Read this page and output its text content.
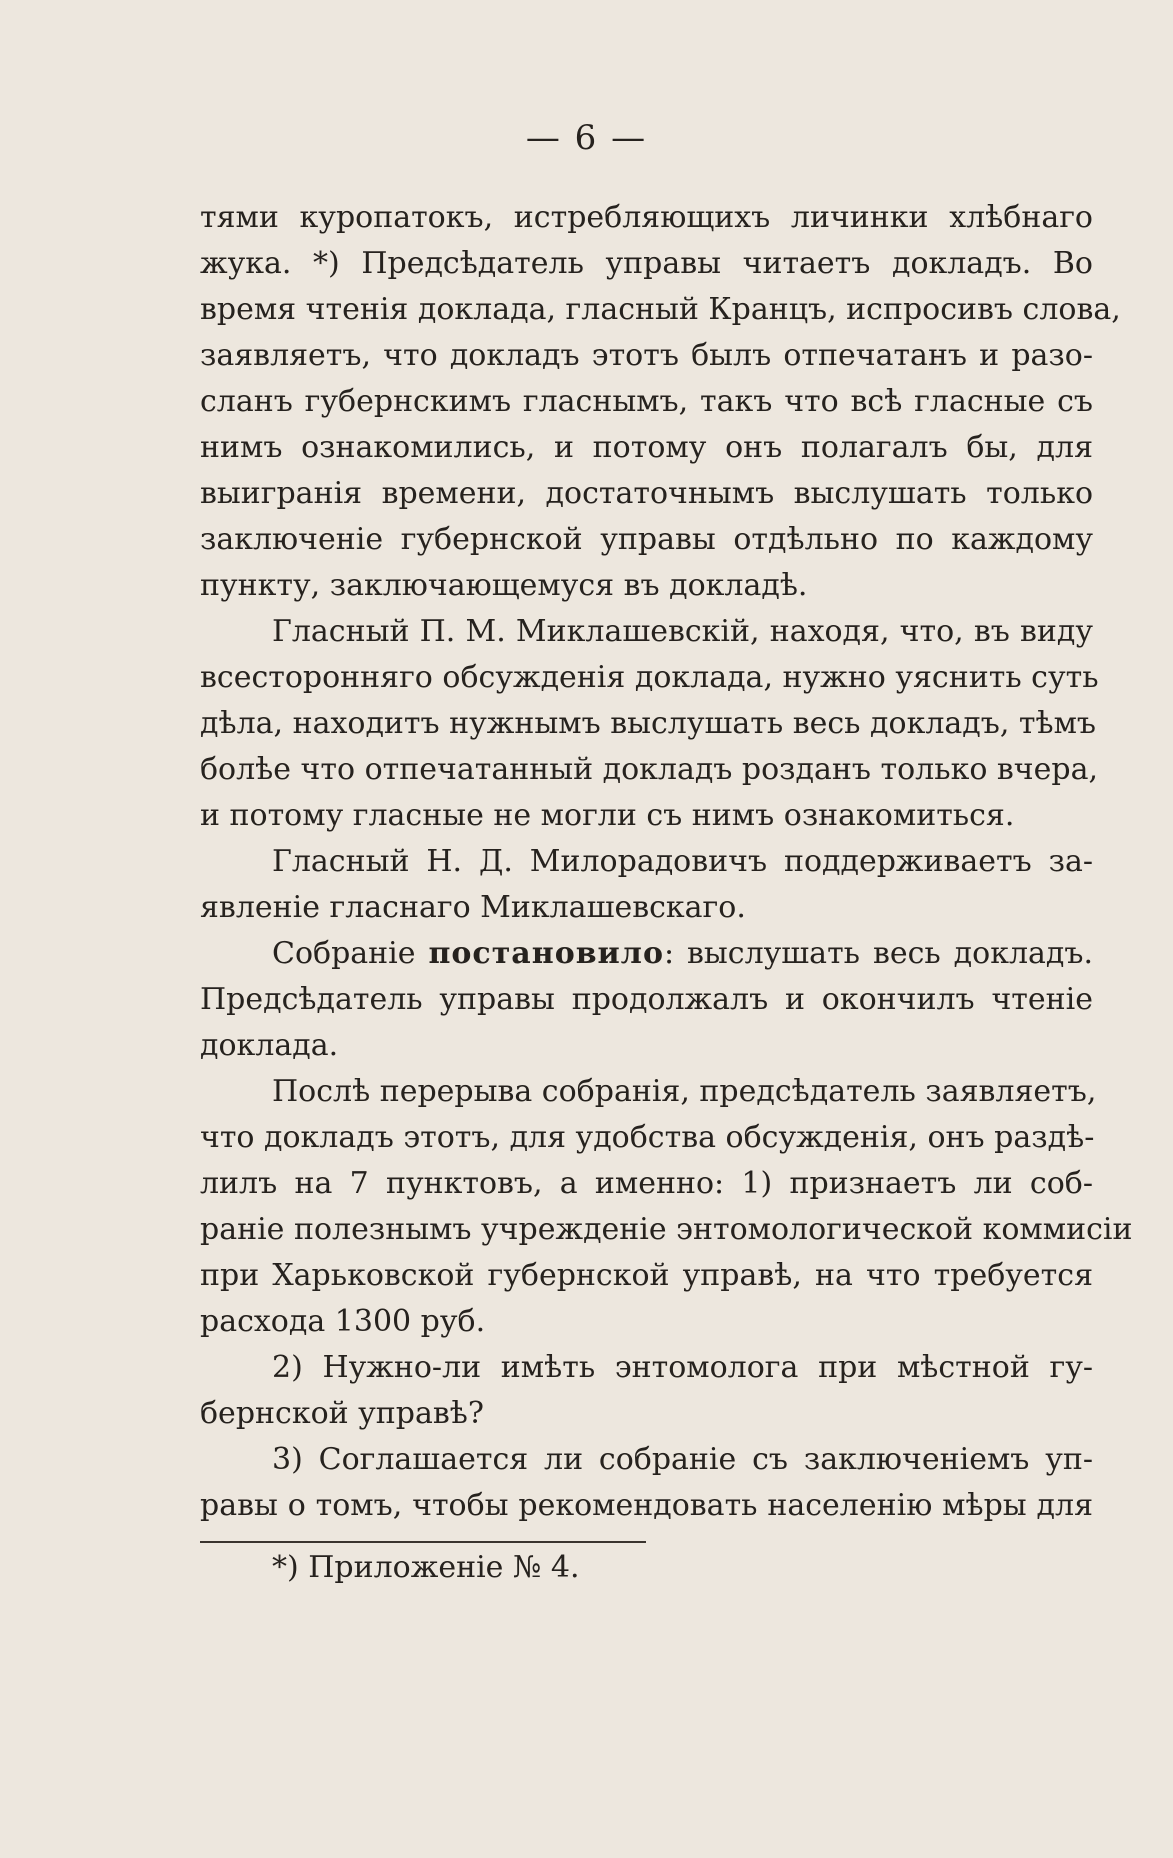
— 6 —
тями куропатокъ, истребляющихъ личинки хлѣбнаго
жука. *) Предсѣдатель управы читаетъ докладъ. Во
время чтенія доклада, гласный Кранцъ, испросивъ слова,
заявляетъ, что докладъ этотъ былъ отпечатанъ и разо-
сланъ губернскимъ гласнымъ, такъ что всѣ гласные съ
нимъ ознакомились, и потому онъ полагалъ бы, для
выигранія времени, достаточнымъ выслушать только
заключеніе губернской управы отдѣльно по каждому
пункту, заключающемуся въ докладѣ.
Гласный П. М. Миклашевскій, находя, что, въ виду
всесторонняго обсужденія доклада, нужно уяснить суть
дѣла, находитъ нужнымъ выслушать весь докладъ, тѣмъ
болѣе что отпечатанный докладъ розданъ только вчера,
и потому гласные не могли съ нимъ ознакомиться.
Гласный Н. Д. Милорадовичъ поддерживаетъ за-
явленіе гласнаго Миклашевскаго.
Собраніе постановило: выслушать весь докладъ.
Предсѣдатель управы продолжалъ и окончилъ чтеніе
доклада.
Послѣ перерыва собранія, предсѣдатель заявляетъ,
что докладъ этотъ, для удобства обсужденія, онъ раздѣ-
лилъ на 7 пунктовъ, а именно: 1) признаетъ ли соб-
раніе полезнымъ учрежденіе энтомологической коммисіи
при Харьковской губернской управѣ, на что требуется
расхода 1300 руб.
2) Нужно-ли имѣть энтомолога при мѣстной гу-
бернской управѣ?
3) Соглашается ли собраніе съ заключеніемъ уп-
равы о томъ, чтобы рекомендовать населенію мѣры для
*) Приложеніе № 4.
